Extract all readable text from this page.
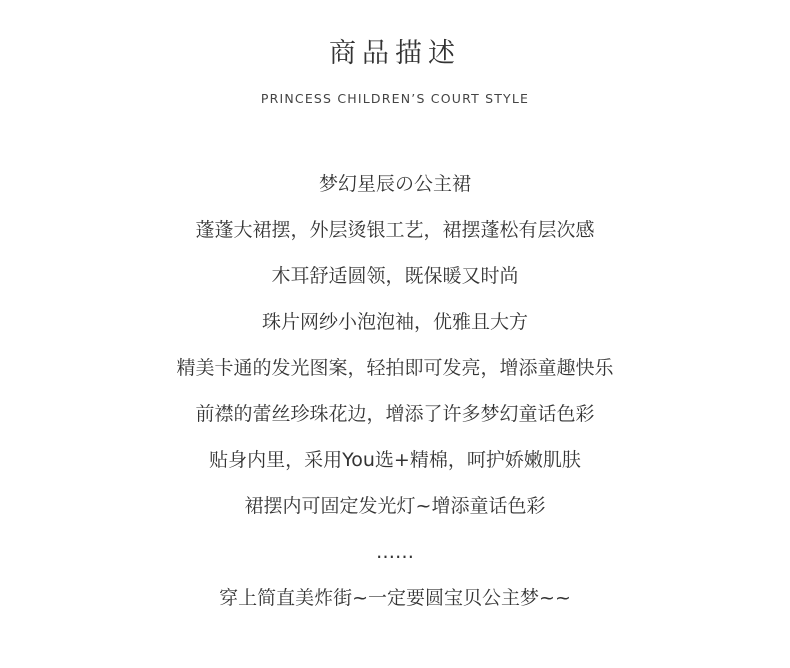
商品描述
PRINCESS CHILDREN’S COURT STYLE
梦幻星辰の公主裙
蓬蓬大裙摆，外层烫银工艺，裙摆蓬松有层次感
木耳舒适圆领，既保暖又时尚
珠片网纱小泡泡袖，优雅且大方
精美卡通的发光图案，轻拍即可发亮，增添童趣快乐
前襟的蕾丝珍珠花边，增添了许多梦幻童话色彩
贴身内里，采用You选+精棉，呵护娇嫩肌肤
裙摆内可固定发光灯~增添童话色彩
……
穿上简直美炸街~一定要圆宝贝公主梦~~
